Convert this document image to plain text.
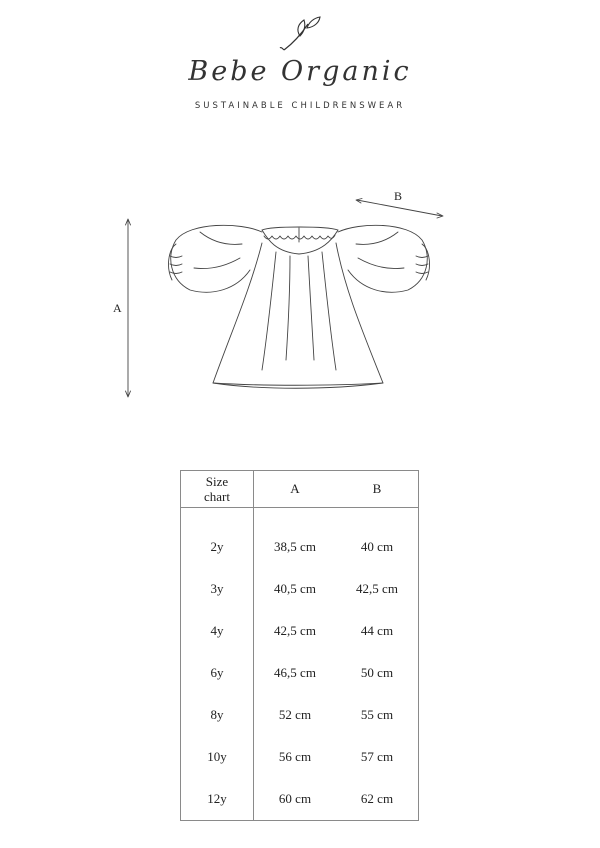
Bebe Organic
SUSTAINABLE CHILDRENSWEAR
A
B
Size
chart	A	B

2y	38,5 cm	40 cm
3y	40,5 cm	42,5 cm
4y	42,5 cm	44 cm
6y	46,5 cm	50 cm
8y	52 cm	55 cm
10y	56 cm	57 cm
12y	60 cm	62 cm
